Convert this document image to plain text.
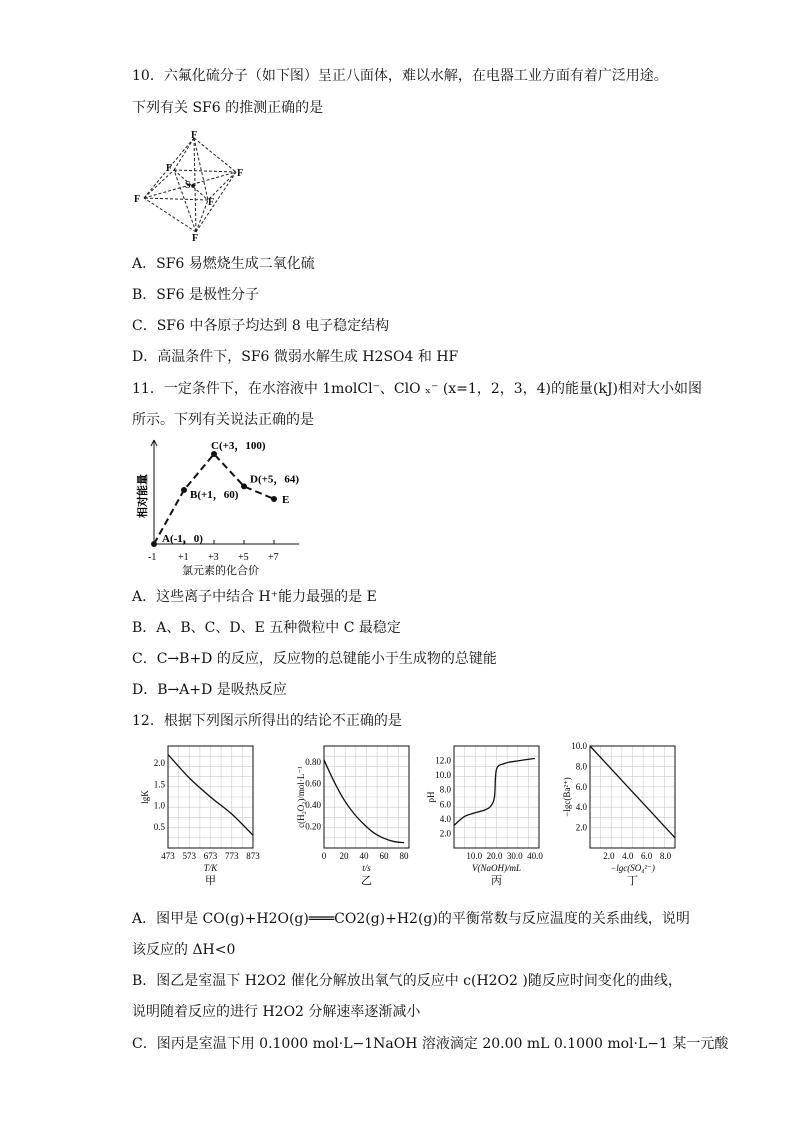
10．六氟化硫分子（如下图）呈正八面体，难以水解，在电器工业方面有着广泛用途。
下列有关 SF6 的推测正确的是
F
F
F
F
F
F
S
A．SF6 易燃烧生成二氧化硫
B．SF6 是极性分子
C．SF6 中各原子均达到 8 电子稳定结构
D．高温条件下，SF6 微弱水解生成 H2SO4 和 HF
11．一定条件下，在水溶液中 1molCl⁻、ClO ₓ⁻ (x=1，2，3，4)的能量(kJ)相对大小如图
所示。下列有关说法正确的是
相对能量
-1 +1 +3 +5 +7
氯元素的化合价
A(-1，0)
B(+1，60)
C(+3，100)
D(+5，64)
E
A．这些离子中结合 H⁺能力最强的是 E
B．A、B、C、D、E 五种微粒中 C 最稳定
C．C→B+D 的反应，反应物的总键能小于生成物的总键能
D．B→A+D 是吸热反应
12．根据下列图示所得出的结论不正确的是
473 573 673 773 873
0.5
1.0
1.5
2.0
lgK
T/K
甲
0 20 40 60 80
0.20
0.40
0.60
0.80
c(H₂O₂)/mol·L⁻¹
t/s
乙
10.0 20.0 30.0 40.0
2.0
4.0
6.0
8.0
10.0
12.0
pH
V(NaOH)/mL
丙
2.0 4.0 6.0 8.0
2.0
4.0
6.0
8.0
10.0
−lgc(Ba²⁺)
−lgc(SO₄²⁻)
丁
A．图甲是 CO(g)+H2O(g)═══CO2(g)+H2(g)的平衡常数与反应温度的关系曲线，说明
该反应的 ΔH<0
B．图乙是室温下 H2O2 催化分解放出氧气的反应中 c(H2O2 )随反应时间变化的曲线，
说明随着反应的进行 H2O2 分解速率逐渐减小
C．图丙是室温下用 0.1000 mol·L−1NaOH 溶液滴定 20.00 mL 0.1000 mol·L−1 某一元酸
